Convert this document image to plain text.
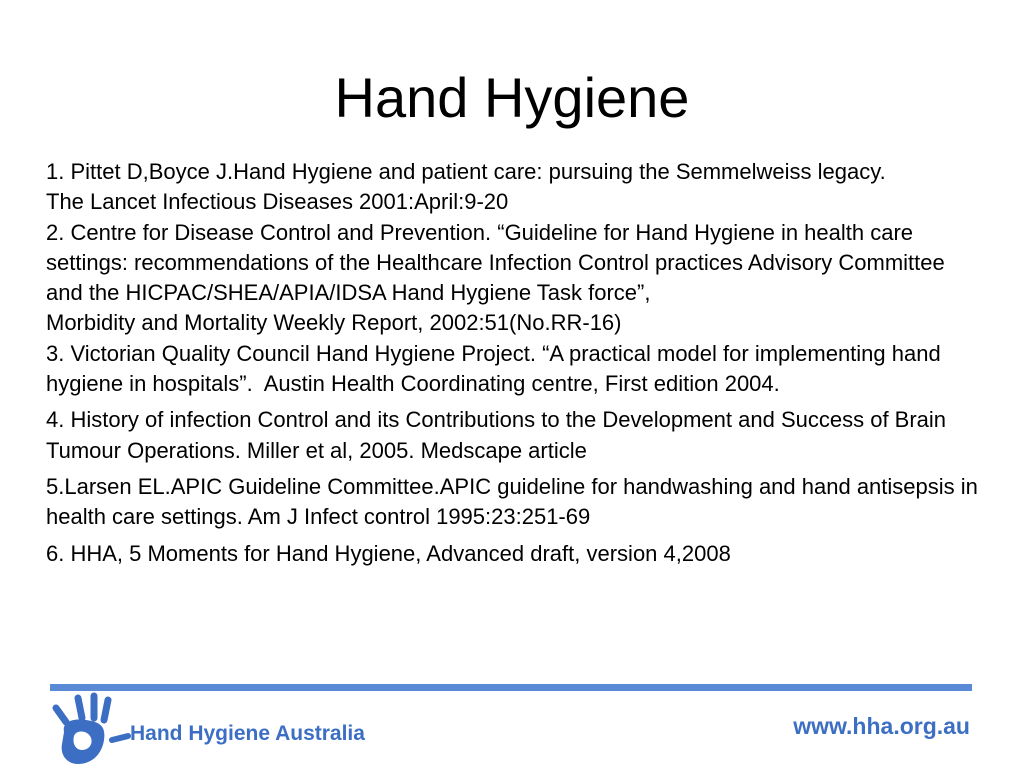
Hand Hygiene

1. Pittet D,Boyce J.Hand Hygiene and patient care: pursuing the Semmelweiss legacy.

The Lancet Infectious Diseases 2001:April:9-20

2. Centre for Disease Control and Prevention. “Guideline for Hand Hygiene in health care   settings: recommendations of the Healthcare Infection Control practices Advisory Committee and the HICPAC/SHEA/APIA/IDSA Hand Hygiene Task force”,

Morbidity and Mortality Weekly Report, 2002:51(No.RR-16)

3. Victorian Quality Council Hand Hygiene Project. “A practical model for implementing hand hygiene in hospitals”.  Austin Health Coordinating centre, First edition 2004.

4. History of infection Control and its Contributions to the Development and Success of Brain Tumour Operations. Miller et al, 2005. Medscape article

5.Larsen EL.APIC Guideline Committee.APIC guideline for handwashing and hand antisepsis in health care settings. Am J Infect control 1995:23:251-69

6. HHA, 5 Moments for Hand Hygiene, Advanced draft, version 4,2008

Hand Hygiene Australia	www.hha.org.au
